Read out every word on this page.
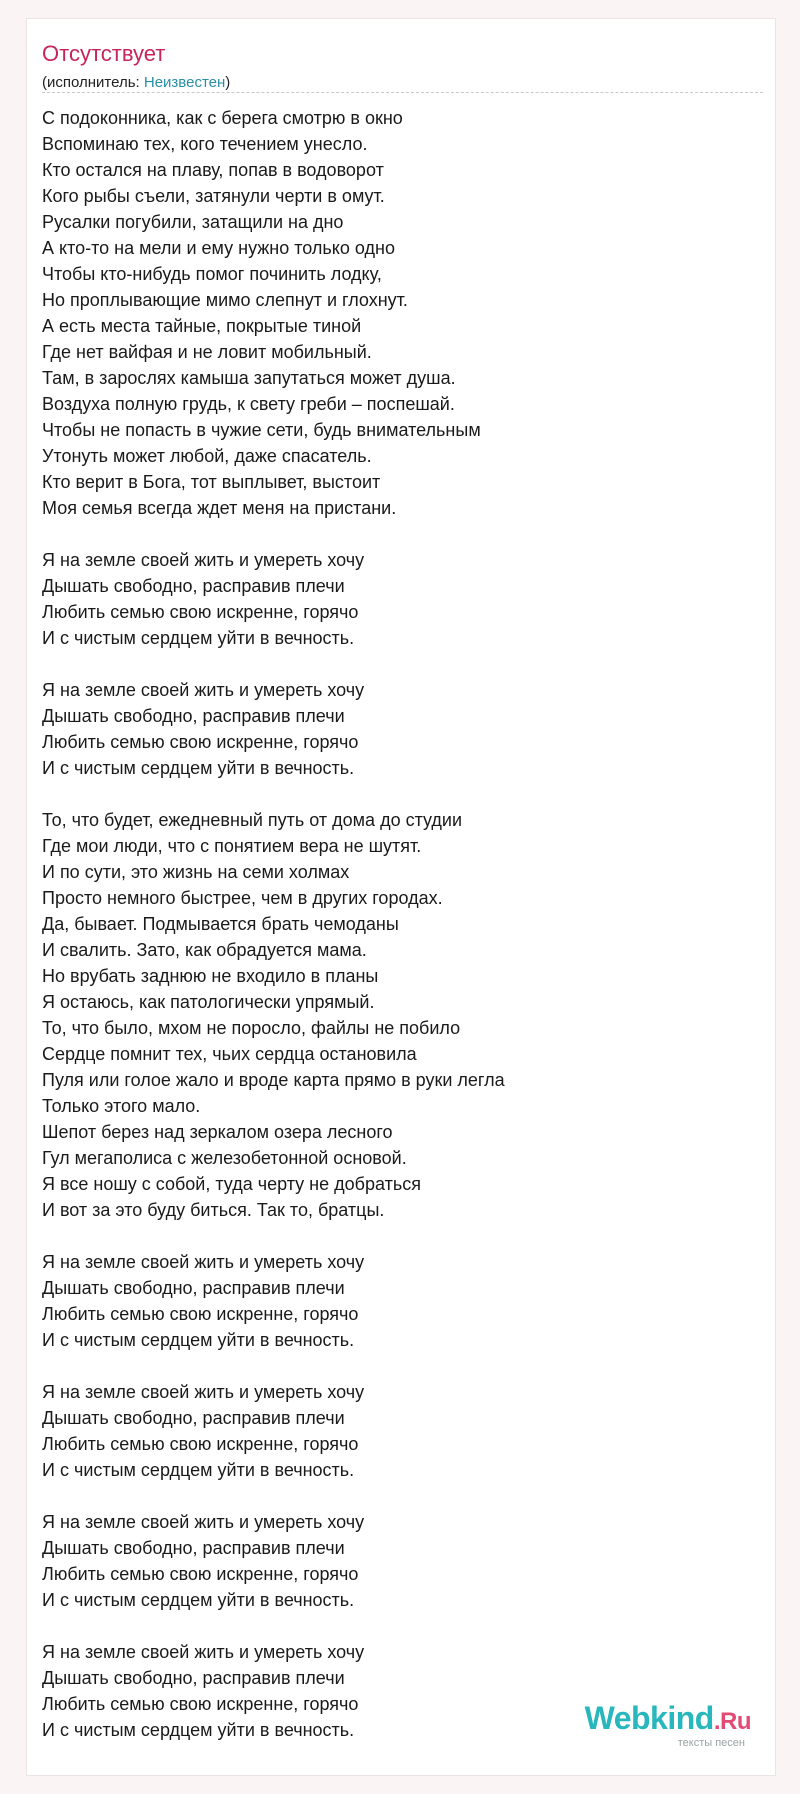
Отсутствует
(исполнитель: Неизвестен)
С подоконника, как с берега смотрю в окно
Вспоминаю тех, кого течением унесло.
Кто остался на плаву, попав в водоворот
Кого рыбы съели, затянули черти в омут.
Русалки погубили, затащили на дно
А кто-то на мели и ему нужно только одно
Чтобы кто-нибудь помог починить лодку,
Но проплывающие мимо слепнут и глохнут.
А есть места тайные, покрытые тиной
Где нет вайфая и не ловит мобильный.
Там, в зарослях камыша запутаться может душа.
Воздуха полную грудь, к свету греби – поспешай.
Чтобы не попасть в чужие сети, будь внимательным
Утонуть может любой, даже спасатель.
Кто верит в Бога, тот выплывет, выстоит
Моя семья всегда ждет меня на пристани.
Я на земле своей жить и умереть хочу
Дышать свободно, расправив плечи
Любить семью свою искренне, горячо
И с чистым сердцем уйти в вечность.
Я на земле своей жить и умереть хочу
Дышать свободно, расправив плечи
Любить семью свою искренне, горячо
И с чистым сердцем уйти в вечность.
То, что будет, ежедневный путь от дома до студии
Где мои люди, что с понятием вера не шутят.
И по сути, это жизнь на семи холмах
Просто немного быстрее, чем в других городах.
Да, бывает. Подмывается брать чемоданы
И свалить. Зато, как обрадуется мама.
Но врубать заднюю не входило в планы
Я остаюсь, как патологически упрямый.
То, что было, мхом не поросло, файлы не побило
Сердце помнит тех, чьих сердца остановила
Пуля или голое жало и вроде карта прямо в руки легла
Только этого мало.
Шепот берез над зеркалом озера лесного
Гул мегаполиса с железобетонной основой.
Я все ношу с собой, туда черту не добраться
И вот за это буду биться. Так то, братцы.
Я на земле своей жить и умереть хочу
Дышать свободно, расправив плечи
Любить семью свою искренне, горячо
И с чистым сердцем уйти в вечность.
Я на земле своей жить и умереть хочу
Дышать свободно, расправив плечи
Любить семью свою искренне, горячо
И с чистым сердцем уйти в вечность.
Я на земле своей жить и умереть хочу
Дышать свободно, расправив плечи
Любить семью свою искренне, горячо
И с чистым сердцем уйти в вечность.
Я на земле своей жить и умереть хочу
Дышать свободно, расправив плечи
Любить семью свою искренне, горячо
И с чистым сердцем уйти в вечность.	Webkind.Ru
тексты песен
